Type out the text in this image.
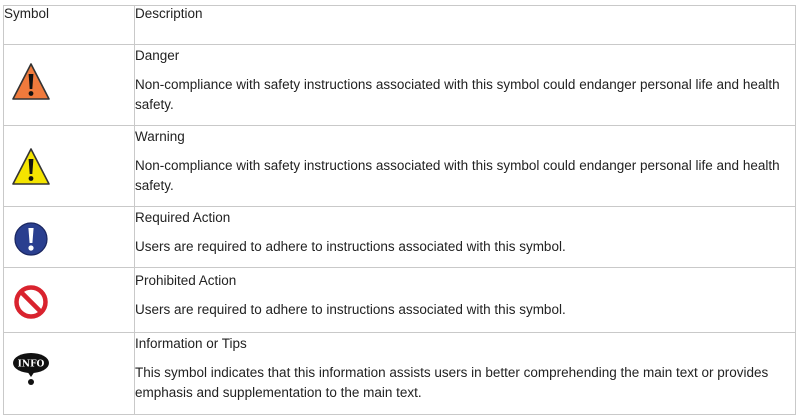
Symbol	Description

Danger
Non-compliance with safety instructions associated with this symbol could endanger personal life and health safety.

Warning
Non-compliance with safety instructions associated with this symbol could endanger personal life and health safety.

Required Action
Users are required to adhere to instructions associated with this symbol.

Prohibited Action
Users are required to adhere to instructions associated with this symbol.

INFO	Information or Tips
This symbol indicates that this information assists users in better comprehending the main text or provides emphasis and supplementation to the main text.
